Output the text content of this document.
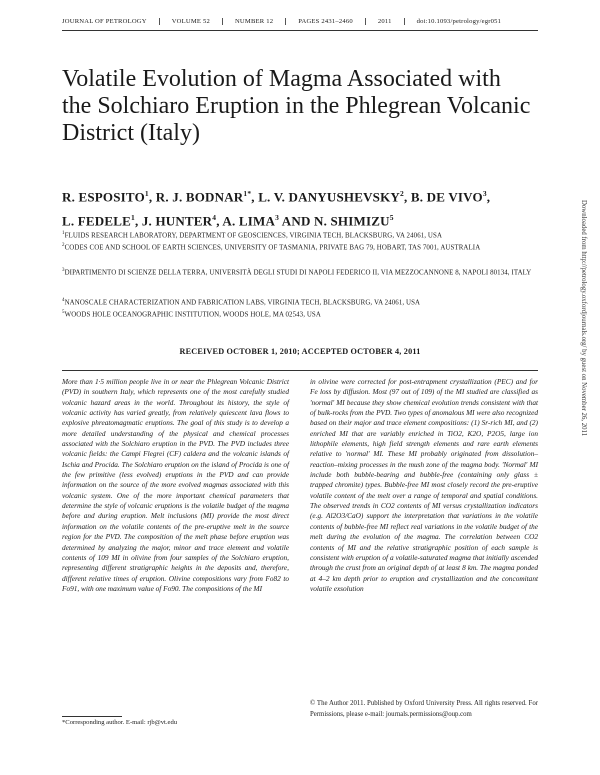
JOURNAL OF PETROLOGY	VOLUME 52	NUMBER 12	PAGES 2431–2460	2011	doi:10.1093/petrology/egr051
Volatile Evolution of Magma Associated with the Solchiaro Eruption in the Phlegrean Volcanic District (Italy)
R. ESPOSITO$^1$, R. J. $BODNAR^{1*}$, L. V. DANYUSHEVSKY$^2$, B. DE VIVO$^3$,
L. FEDELE$^1$, J. HUNTER$^4$, A. LIMA$^3$ AND N. SHIMIZU$^5$
$^1$FLUIDS RESEARCH LABORATORY, DEPARTMENT OF GEOSCIENCES, VIRGINIA TECH, BLACKSBURG, VA 24061, USA
$^2$CODES COE AND SCHOOL OF EARTH SCIENCES, UNIVERSITY OF TASMANIA, PRIVATE BAG 79, HOBART, TAS 7001, AUSTRALIA
$^3$DIPARTIMENTO DI SCIENZE DELLA TERRA, UNIVERSITÀ DEGLI STUDI DI NAPOLI FEDERICO II, VIA MEZZOCANNONE 8, NAPOLI 80134, ITALY
$^4$NANOSCALE CHARACTERIZATION AND FABRICATION LABS, VIRGINIA TECH, BLACKSBURG, VA 24061, USA
$^5$WOODS HOLE OCEANOGRAPHIC INSTITUTION, WOODS HOLE, MA 02543, USA
RECEIVED OCTOBER 1, 2010; ACCEPTED OCTOBER 4, 2011
More than 1·5 million people live in or near the Phlegrean Volcanic District (PVD) in southern Italy, which represents one of the most carefully studied volcanic hazard areas in the world. Throughout its history, the style of volcanic activity has varied greatly, from relatively quiescent lava flows to explosive phreatomagmatic eruptions. The goal of this study is to develop a more detailed understanding of the physical and chemical processes associated with the Solchiaro eruption in the PVD. The PVD includes three volcanic fields: the Campi Flegrei (CF) caldera and the volcanic islands of Ischia and Procida. The Solchiaro eruption on the island of Procida is one of the few primitive (less evolved) eruptions in the PVD and can provide information on the source of the more evolved magmas associated with this volcanic system. One of the more important chemical parameters that determine the style of volcanic eruptions is the volatile budget of the magma before and during eruption. Melt inclusions (MI) provide the most direct information on the volatile contents of the pre-eruptive melt in the source region for the PVD. The composition of the melt phase before eruption was determined by analyzing the major, minor and trace element and volatile contents of 109 MI in olivine from four samples of the Solchiaro eruption, representing different stratigraphic heights in the deposits and, therefore, different relative times of eruption. Olivine compositions vary from Fo82 to Fo91, with one maximum value of Fo90. The compositions of the MI
in olivine were corrected for post-entrapment crystallization (PEC) and for Fe loss by diffusion. Most (97 out of 109) of the MI studied are classified as 'normal' MI because they show chemical evolution trends consistent with that of bulk-rocks from the PVD. Two types of anomalous MI were also recognized based on their major and trace element compositions: (1) Sr-rich MI, and (2) enriched MI that are variably enriched in TiO2, K2O, P2O5, large ion lithophile elements, high field strength elements and rare earth elements relative to 'normal' MI. These MI probably originated from dissolution–reaction–mixing processes in the mush zone of the magma body. 'Normal' MI include both bubble-bearing and bubble-free (containing only glass ± trapped chromite) types. Bubble-free MI most closely record the pre-eruptive volatile content of the melt over a range of temporal and spatial conditions. The observed trends in CO2 contents of MI versus crystallization indicators (e.g. Al2O3/CaO) support the interpretation that variations in the volatile contents of bubble-free MI reflect real variations in the volatile budget of the melt during the evolution of the magma. The correlation between CO2 contents of MI and the relative stratigraphic position of each sample is consistent with eruption of a volatile-saturated magma that initially ascended through the crust from an original depth of at least 8 km. The magma ponded at 4–2 km depth prior to eruption and crystallization and the concomitant volatile exsolution
Downloaded from http://petrology.oxfordjournals.org/ by guest on November 26, 2011
© The Author 2011. Published by Oxford University Press. All rights reserved. For Permissions, please e-mail: journals.permissions@oup.com
*Corresponding author. E-mail: rjb@vt.edu
